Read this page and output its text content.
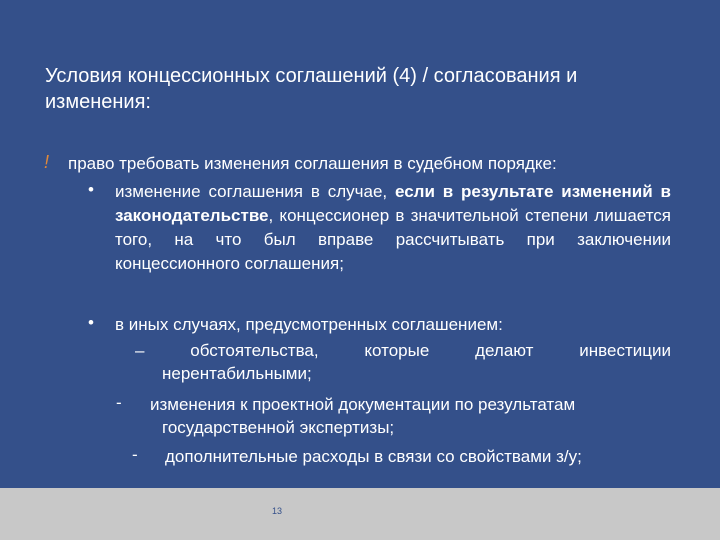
Условия концессионных соглашений (4) / согласования и изменения:
! право требовать изменения соглашения в судебном порядке:
• изменение соглашения в случае, если в результате изменений в законодательстве, концессионер в значительной степени лишается того, на что был вправе рассчитывать при заключении концессионного соглашения;
• в иных случаях, предусмотренных соглашением:
–	обстоятельства,	которые	делают	инвестиции
нерентабильными;
- изменения к проектной документации по результатам
государственной экспертизы;
- дополнительные расходы в связи со свойствами з/у;
13
